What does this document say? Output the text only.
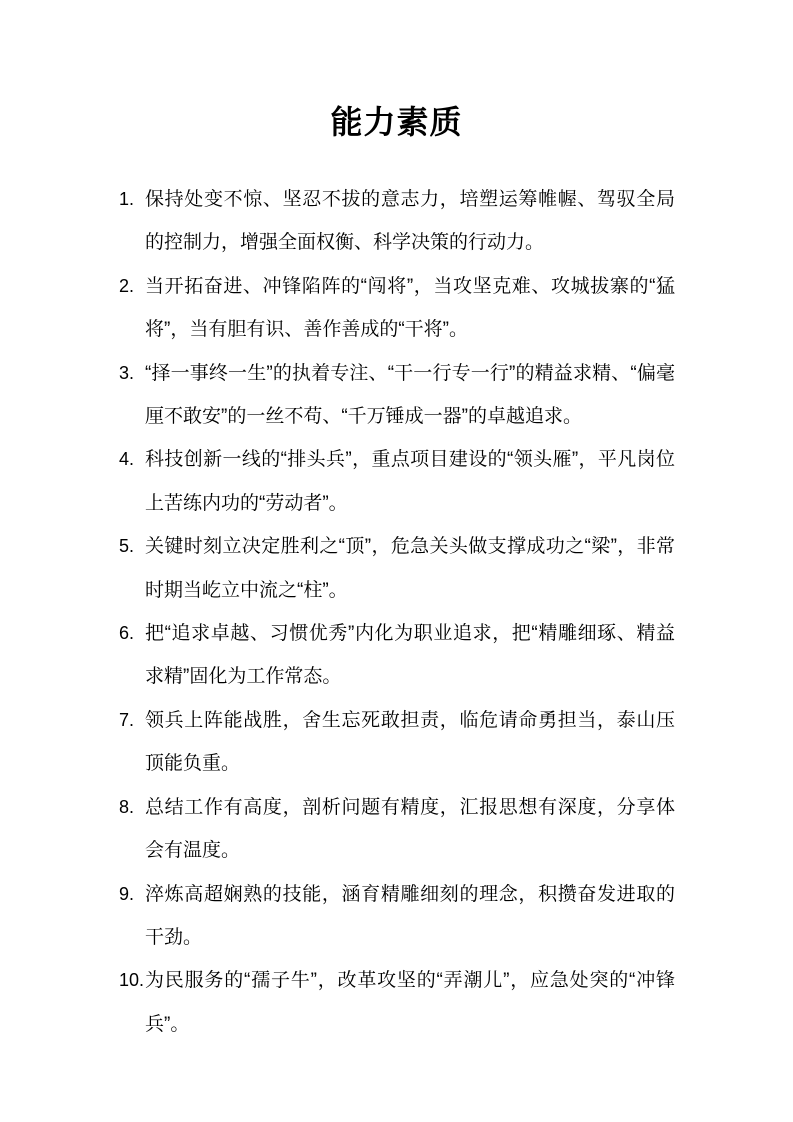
能力素质
1. 保持处变不惊、坚忍不拔的意志力，培塑运筹帷幄、驾驭全局的控制力，增强全面权衡、科学决策的行动力。
2. 当开拓奋进、冲锋陷阵的“闯将”，当攻坚克难、攻城拔寨的“猛将”，当有胆有识、善作善成的“干将”。
3. “择一事终一生”的执着专注、“干一行专一行”的精益求精、“偏毫厘不敢安”的一丝不苟、“千万锤成一器”的卓越追求。
4. 科技创新一线的“排头兵”，重点项目建设的“领头雁”，平凡岗位上苦练内功的“劳动者”。
5. 关键时刻立决定胜利之“顶”，危急关头做支撑成功之“梁”，非常时期当屹立中流之“柱”。
6. 把“追求卓越、习惯优秀”内化为职业追求，把“精雕细琢、精益求精”固化为工作常态。
7. 领兵上阵能战胜，舍生忘死敢担责，临危请命勇担当，泰山压顶能负重。
8. 总结工作有高度，剖析问题有精度，汇报思想有深度，分享体会有温度。
9. 淬炼高超娴熟的技能，涵育精雕细刻的理念，积攒奋发进取的干劲。
10. 为民服务的“孺子牛”，改革攻坚的“弄潮儿”，应急处突的“冲锋兵”。
